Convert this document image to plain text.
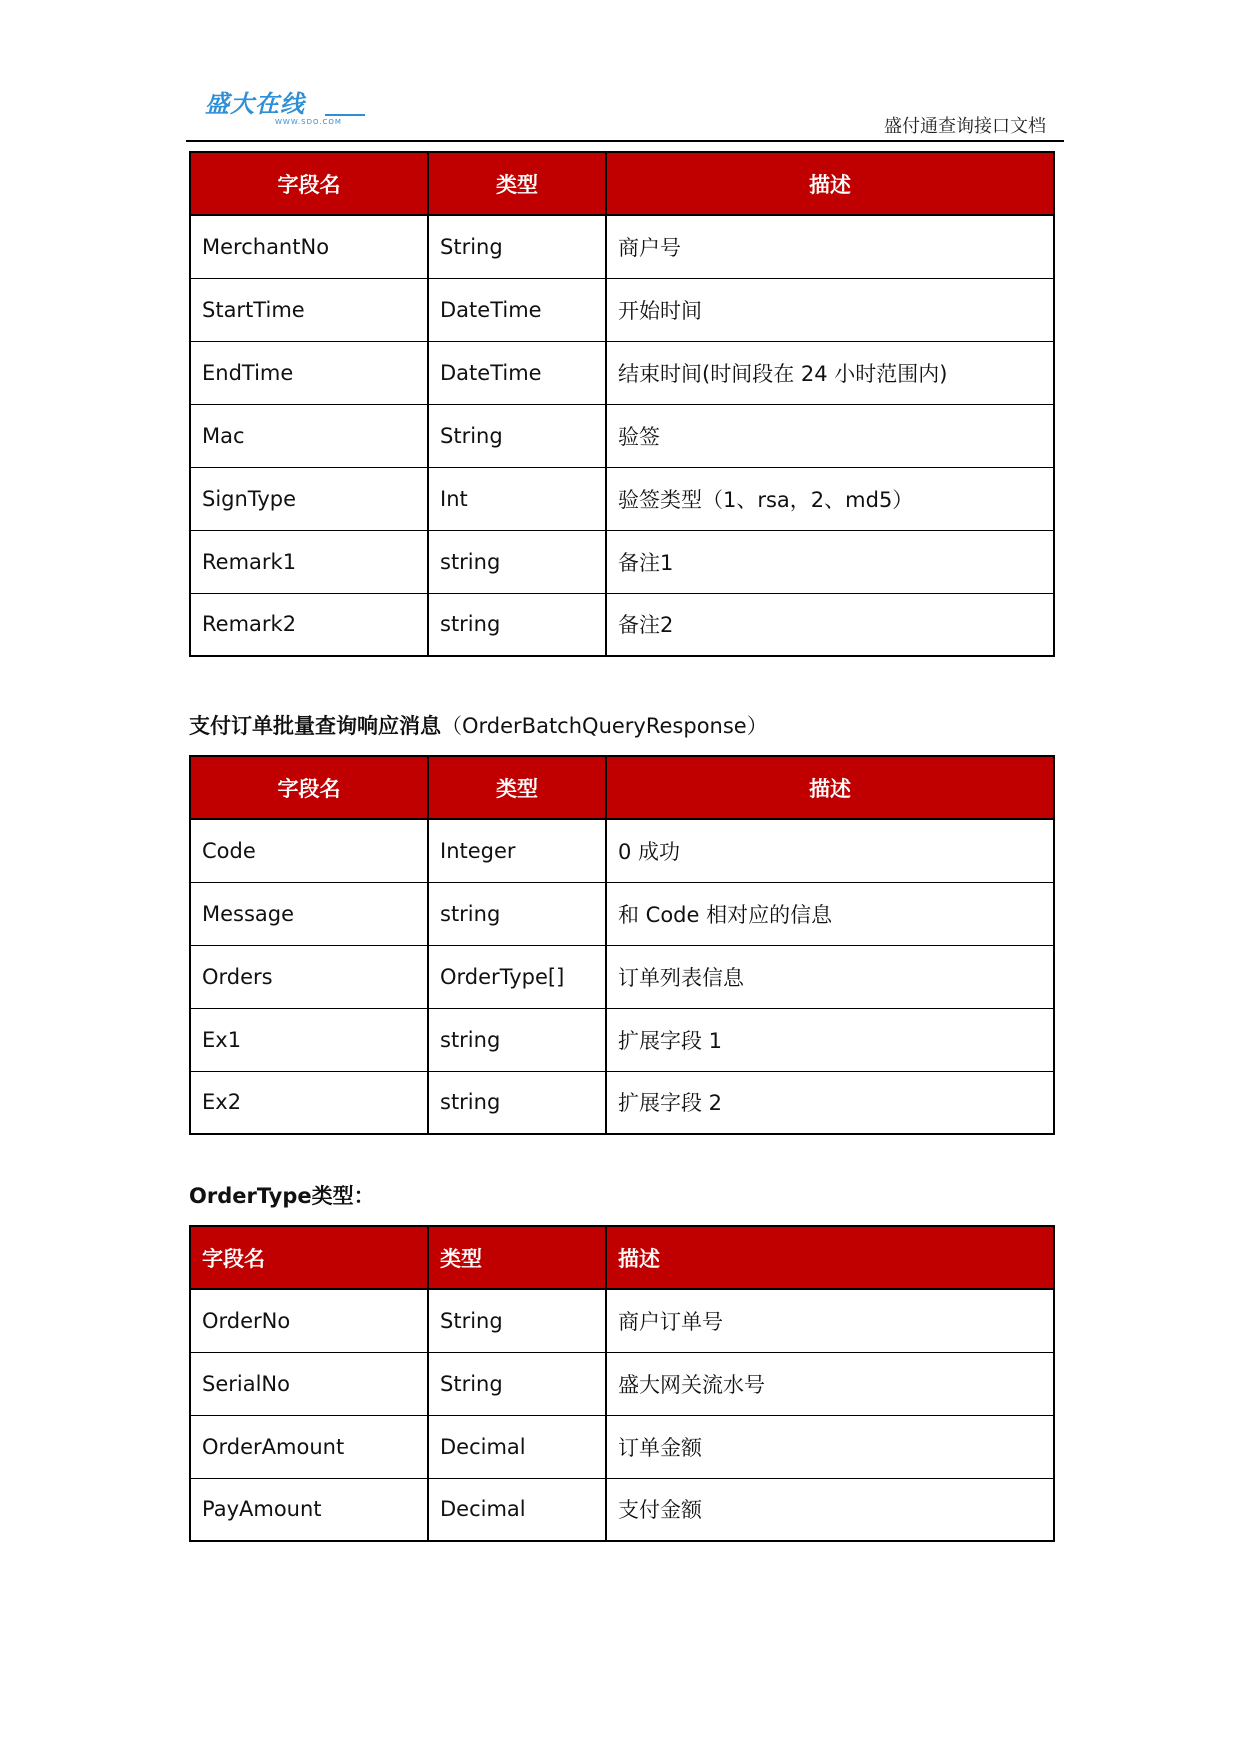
盛大在线
WWW.SDO.COM	盛付通查询接口文档
字段名	类型	描述
MerchantNo	String	商户号
StartTime	DateTime	开始时间
EndTime	DateTime	结束时间(时间段在 24 小时范围内)
Mac	String	验签
SignType	Int	验签类型（1、rsa，2、md5）
Remark1	string	备注1
Remark2	string	备注2
支付订单批量查询响应消息（OrderBatchQueryResponse）
字段名	类型	描述
Code	Integer	0 成功
Message	string	和 Code 相对应的信息
Orders	OrderType[]	订单列表信息
Ex1	string	扩展字段 1
Ex2	string	扩展字段 2
OrderType类型：
字段名	类型	描述
OrderNo	String	商户订单号
SerialNo	String	盛大网关流水号
OrderAmount	Decimal	订单金额
PayAmount	Decimal	支付金额
